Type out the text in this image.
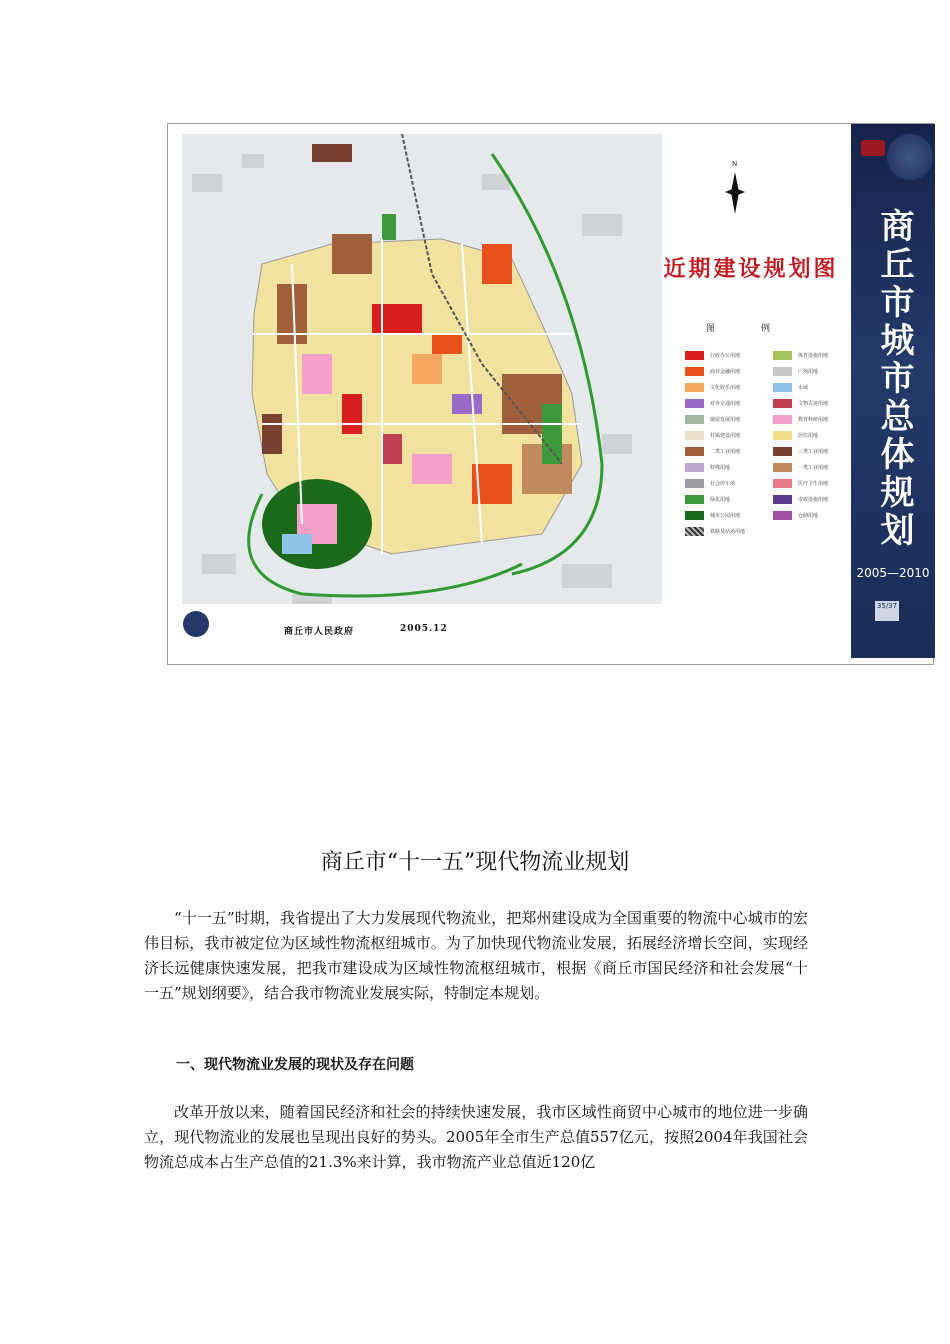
N
近期建设规划图
图	例
行政办公用地	体育设施用地
商业金融用地	广场用地
文化娱乐用地	水域
对外交通用地	文物古迹用地
镇留发展用地	教育科研用地
村镇建设用地	居住用地
二类工业用地	三类工业用地
特殊用地	一类工业用地
社会停车场	医疗卫生用地
绿化用地	市政设施用地
城市公园用地	仓储用地
铁路及站场用地
商丘市人民政府	2005.12
商丘市城市总体规划
2005—2010
35/37
商丘市“十一五”现代物流业规划

“十一五”时期，我省提出了大力发展现代物流业，把郑州建设成为全国重要的物流中心城市的宏伟目标，我市被定位为区域性物流枢纽城市。为了加快现代物流业发展，拓展经济增长空间，实现经济长远健康快速发展，把我市建设成为区域性物流枢纽城市，根据《商丘市国民经济和社会发展“十一五”规划纲要》，结合我市物流业发展实际，特制定本规划。

一、现代物流业发展的现状及存在问题

改革开放以来，随着国民经济和社会的持续快速发展，我市区域性商贸中心城市的地位进一步确立，现代物流业的发展也呈现出良好的势头。2005年全市生产总值557亿元，按照2004年我国社会物流总成本占生产总值的21.3%来计算，我市物流产业总值近120亿
